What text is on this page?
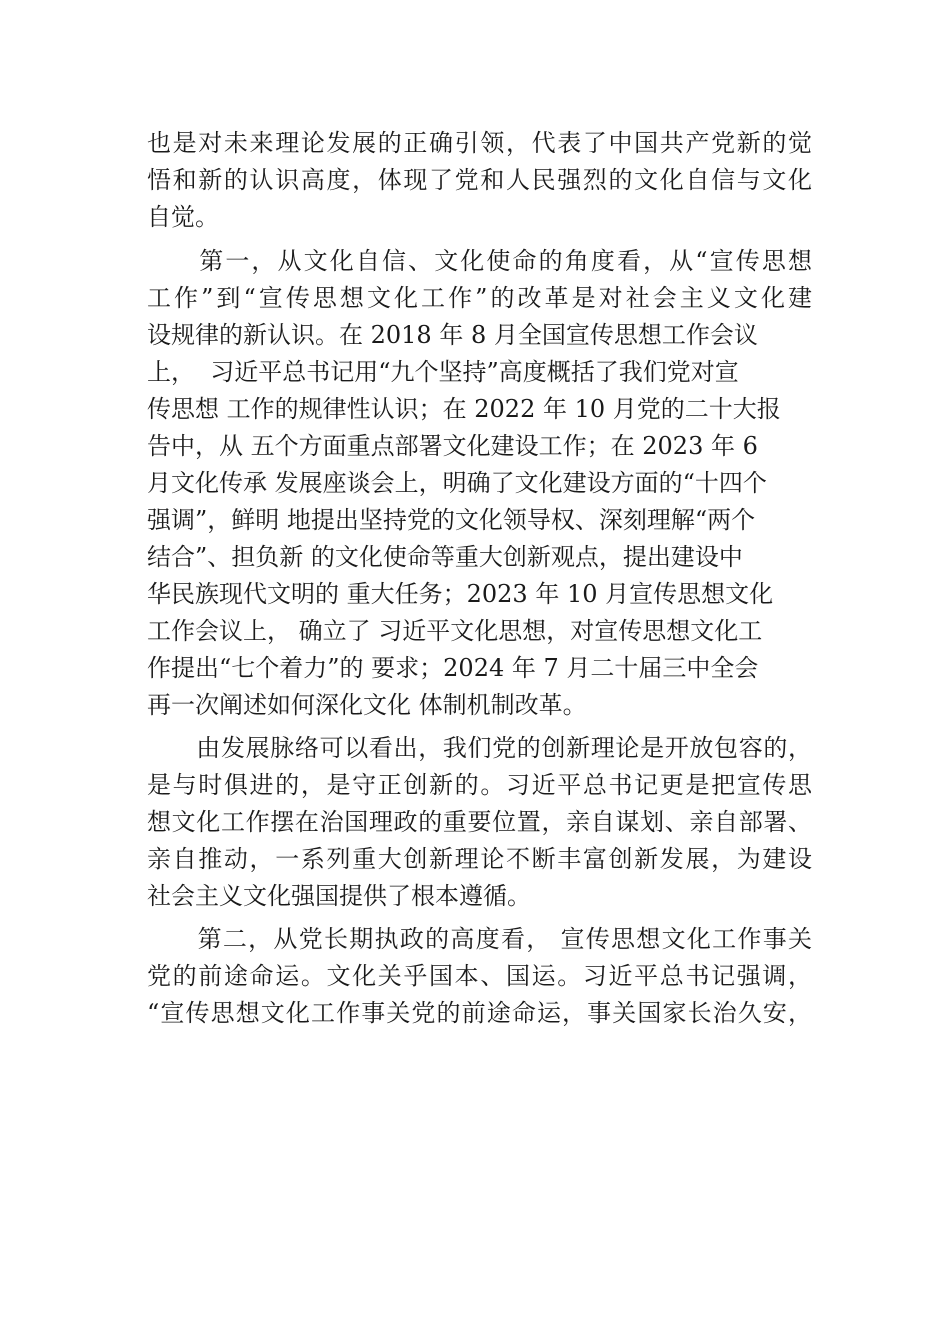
也是对未来理论发展的正确引领，代表了中国共产党新的觉
悟和新的认识高度，体现了党和人民强烈的文化自信与文化
自觉。
　　第一，从文化自信、文化使命的角度看，从“宣传思想
工作”到“宣传思想文化工作”的改革是对社会主义文化建
设规律的新认识。在 2018 年 8 月全国宣传思想工作会议
上，  习近平总书记用“九个坚持”高度概括了我们党对宣
传思想 工作的规律性认识；在 2022 年 10 月党的二十大报
告中，从 五个方面重点部署文化建设工作；在 2023 年 6
月文化传承 发展座谈会上，明确了文化建设方面的“十四个
强调”，鲜明 地提出坚持党的文化领导权、深刻理解“两个
结合”、担负新 的文化使命等重大创新观点，提出建设中
华民族现代文明的 重大任务；2023 年 10 月宣传思想文化
工作会议上， 确立了 习近平文化思想，对宣传思想文化工
作提出“七个着力”的 要求；2024 年 7 月二十届三中全会
再一次阐述如何深化文化 体制机制改革。
　　由发展脉络可以看出，我们党的创新理论是开放包容的，
是与时俱进的，是守正创新的。习近平总书记更是把宣传思
想文化工作摆在治国理政的重要位置，亲自谋划、亲自部署、
亲自推动，一系列重大创新理论不断丰富创新发展，为建设
社会主义文化强国提供了根本遵循。
　　第二，从党长期执政的高度看， 宣传思想文化工作事关
党的前途命运。文化关乎国本、国运。习近平总书记强调，
“宣传思想文化工作事关党的前途命运，事关国家长治久安，
